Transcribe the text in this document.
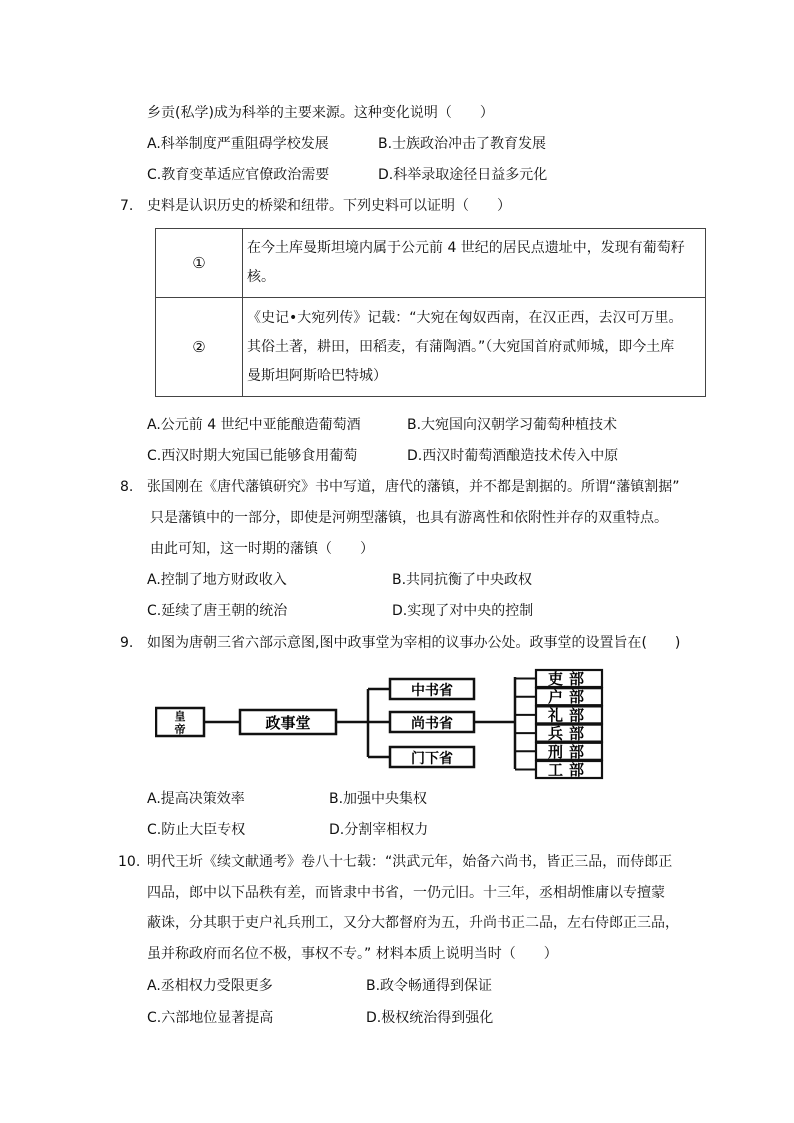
乡贡(私学)成为科举的主要来源。这种变化说明（　　）
A.科举制度严重阻碍学校发展	B.士族政治冲击了教育发展
C.教育变革适应官僚政治需要	D.科举录取途径日益多元化
7. 史料是认识历史的桥梁和纽带。下列史料可以证明（　　）
①	在今土库曼斯坦境内属于公元前 4 世纪的居民点遗址中，发现有葡萄籽
核。

②	《史记•大宛列传》记载：“大宛在匈奴西南，在汉正西，去汉可万里。
其俗土著，耕田，田稻麦，有蒲陶酒。”（大宛国首府贰师城，即今土库
曼斯坦阿斯哈巴特城）
A.公元前 4 世纪中亚能酿造葡萄酒	B.大宛国向汉朝学习葡萄种植技术
C.西汉时期大宛国已能够食用葡萄	D.西汉时葡萄酒酿造技术传入中原
8. 张国刚在《唐代藩镇研究》书中写道，唐代的藩镇，并不都是割据的。所谓“藩镇割据”
只是藩镇中的一部分，即使是河朔型藩镇，也具有游离性和依附性并存的双重特点。
由此可知，这一时期的藩镇（　　）
A.控制了地方财政收入	B.共同抗衡了中央政权
C.延续了唐王朝的统治	D.实现了对中央的控制
9. 如图为唐朝三省六部示意图,图中政事堂为宰相的议事办公处。政事堂的设置旨在(　　)
皇
帝	政事堂
中书省
尚书省
门下省
吏部
户部
礼部
兵部
刑部
工部
A.提高决策效率	B.加强中央集权
C.防止大臣专权	D.分割宰相权力
10. 明代王圻《续文献通考》卷八十七载：“洪武元年，始备六尚书，皆正三品，而侍郎正
四品，郎中以下品秩有差，而皆隶中书省，一仍元旧。十三年，丞相胡惟庸以专擅蒙
蔽诛，分其职于吏户礼兵刑工，又分大都督府为五，升尚书正二品，左右侍郎正三品，
虽并称政府而名位不极，事权不专。” 材料本质上说明当时（　　）
A.丞相权力受限更多	B.政令畅通得到保证
C.六部地位显著提高	D.极权统治得到强化
